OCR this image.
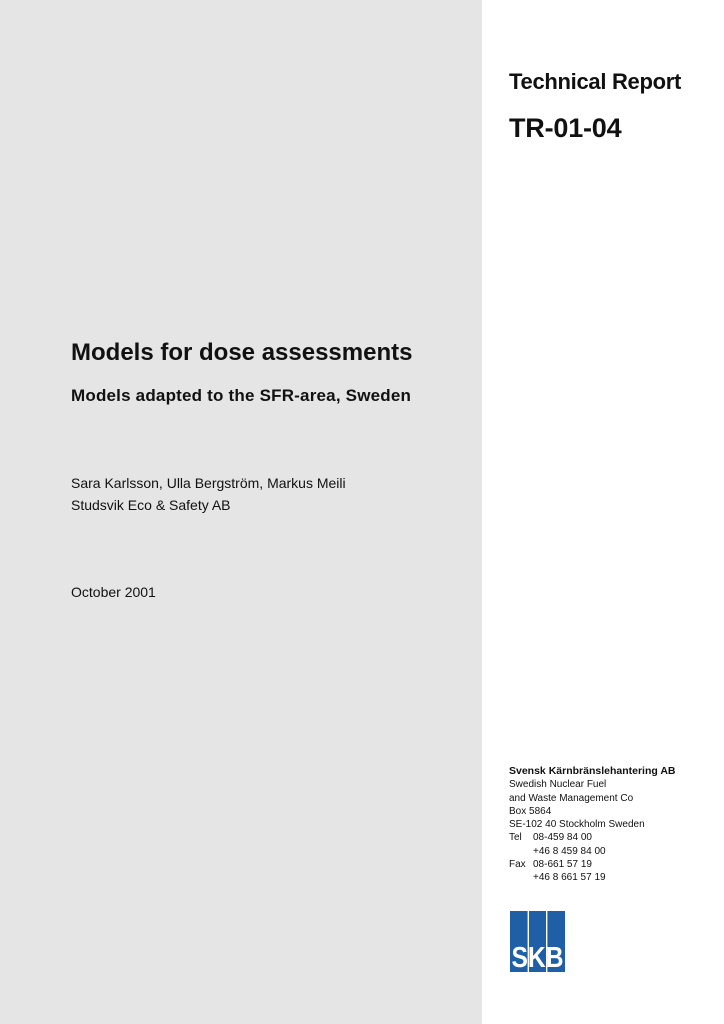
Technical Report
TR-01-04
Models for dose assessments
Models adapted to the SFR-area, Sweden
Sara Karlsson, Ulla Bergström, Markus Meili
Studsvik Eco & Safety AB
October 2001
Svensk Kärnbränslehantering AB
Swedish Nuclear Fuel
and Waste Management Co
Box 5864
SE-102 40 Stockholm Sweden
Tel	08-459 84 00
+46 8 459 84 00
Fax 08-661 57 19
+46 8 661 57 19
SKB
